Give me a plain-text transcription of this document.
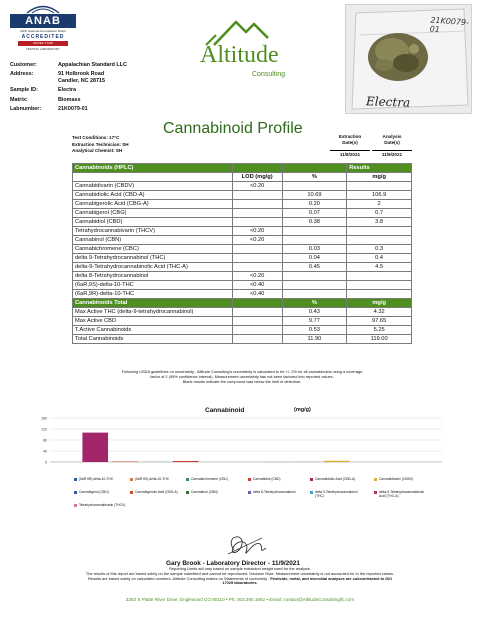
ANAB
ANSI National Accreditation Board
ACCREDITED
ISO/IEC 17025
TESTING LABORATORY	Altitude
Consulting
21K0079-01
Electra
Customer:	Appalachian Standard LLC
Address:	91 Holbrook Road
Candler, NC 28715
Sample ID:	Electra
Matrix:	Biomass
Labnumber:	21K0079-01
Cannabinoid Profile
Test Conditions: 17°C
Extraction Technician: SH
Analytical Chemist: SH
Extraction
Date(s)
Analysis
Date(s)
11/8/2021	11/9/2021
Cannabinoids (HPLC)			Results
	LOD (mg/g)	%	mg/g
Cannabidivarin (CBDV)	<0.20		
Cannabidiolic Acid (CBD-A)		10.69	106.9
Cannabigerolic Acid (CBG-A)		0.20	2
Cannabigerol (CBG)		0.07	0.7
Cannabidiol (CBD)		0.38	3.8
Tetrahydrocannabivarin (THCV)	<0.20		
Cannabinol (CBN)	<0.20		
Cannabichromene (CBC)		0.03	0.3
delta 9-Tetrahydrocannabinol (THC)		0.04	0.4
delta-9-Tetrahydrocannabinolic Acid (THC-A)		0.45	4.5
delta 8-Tetrahydrocannabinol	<0.20		
(6aR,9S)-delta-10-THC	<0.40		
(6aR,9R)-delta-10-THC	<0.40		
Cannabinoids Total		%	mg/g
Max Active THC (delta-9-tetrahydrocannabinol)		0.43	4.32
Max Active CBD		9.77	97.65
T.Active Cannabinoids		0.53	5.25
Total Cannabinoids		11.90	119.00
Following USDA guidelines on uncertainty , Altitude Consulting's uncertainty is calculated to be +/- 2% for all cannabinoids using a coverage
factor of 2 (95% confidence interval). Measurement uncertainty has not been factored into reported values.
Blank results indicate the compound was below the limit of detection.
Cannabinoid	(mg/g)
160
120
80
40
0
(6aR,9R)-delta-10-THC	(6aR,9S)-delta-10-THC	Cannabichromene (CBC)	Cannabidiol (CBD)	Cannabidiolic Acid (CBD-A)	Cannabidivarin (CBDV)
Cannabigerol (CBG)	Cannabigerolic Acid (CBG-A)	Cannabinol (CBN)	delta 8-Tetrahydrocannabinol	delta 9-Tetrahydrocannabinol (THC)
delta-9-Tetrahydrocannabinolic Acid (THC-A)
Tetrahydrocannabivarin (THCV)
Gary Brook - Laboratory Director - 11/9/2021
Reporting Limits will vary based on sample extraction weight used for the analysis.
The results of this report are based solely on the sample submitted and cannot be reproduced. Decision Rule: Measurement uncertainty is not accounted for in the reported values.
Results are based solely on calculated numbers. Altitude Consulting makes no Statements of conformity . Pesticide, metal, and microbial analyses are subcontracted to ISO
17025 laboratories.
3262 S Platte River Drive, Englewood CO 80110 • Ph: 303.390.1662 • Email: contact@AltitudeConsultingllc.com
